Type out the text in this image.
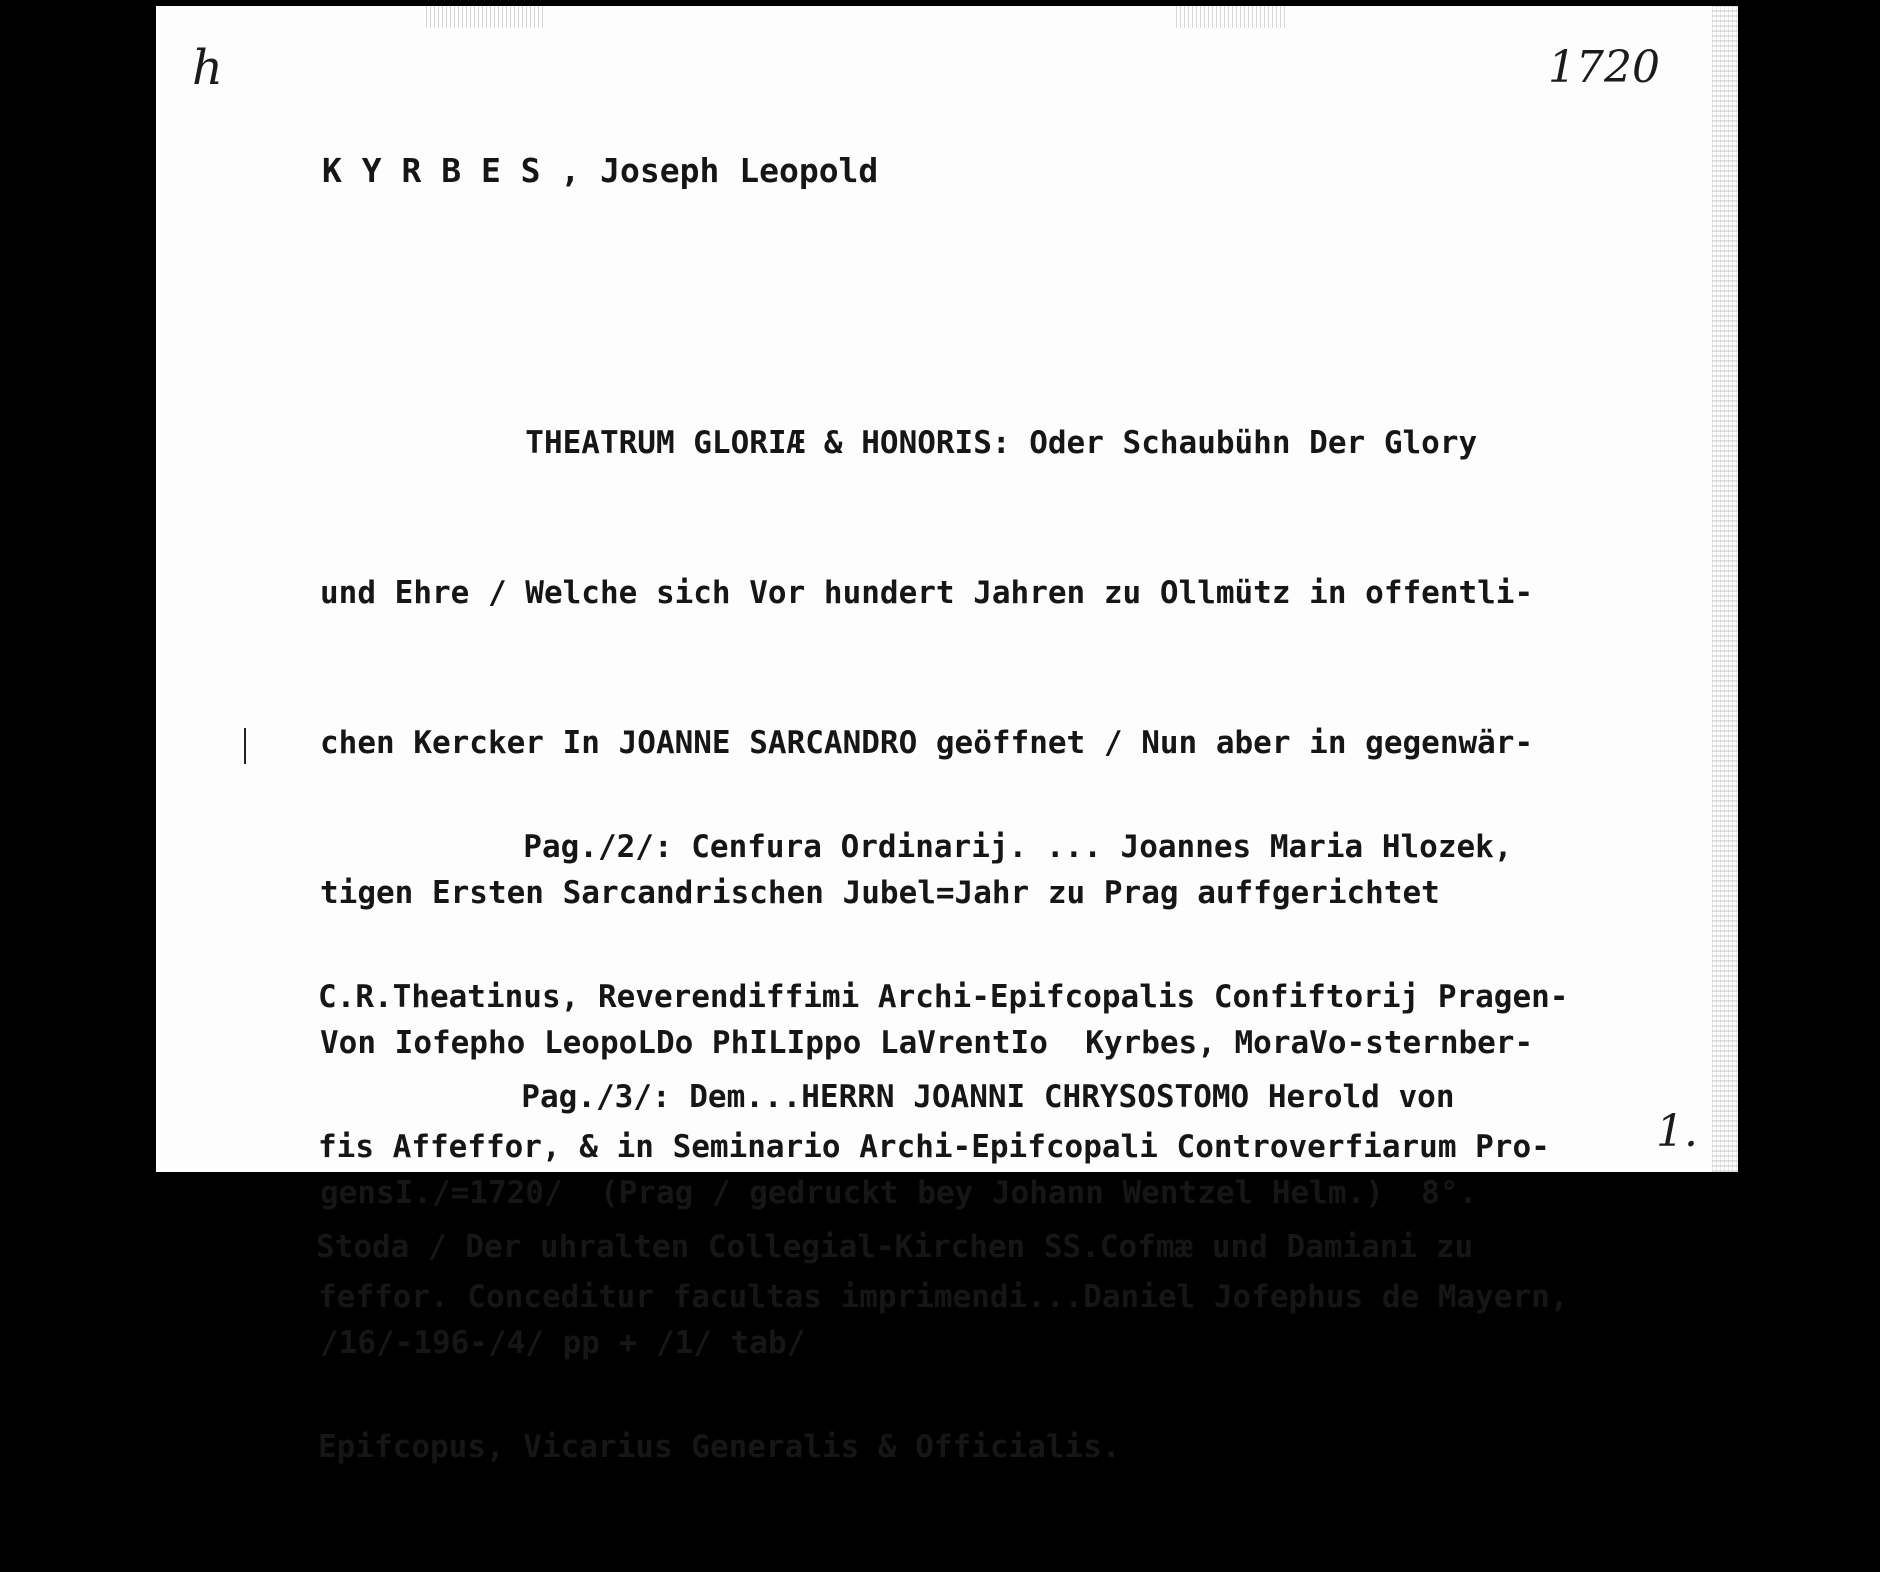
h	1720
1.
K Y R B E S , Joseph Leopold

THEATRUM GLORIÆ & HONORIS: Oder Schaubühn Der Glory

und Ehre / Welche sich Vor hundert Jahren zu Ollmütz in offentli-

chen Kercker In JOANNE SARCANDRO geöffnet / Nun aber in gegenwär-

tigen Ersten Sarcandrischen Jubel=Jahr zu Prag auffgerichtet

Von Iofepho LeopoLDo PhILIppo LaVrentIo  Kyrbes, MoraVo-sternber-

gensI./=1720/  (Prag / gedruckt bey Johann Wentzel Helm.)  8°.

/16/-196-/4/ pp + /1/ tab/

Pag./2/: Cenfura Ordinarij. ... Joannes Maria Hlozek,

C.R.Theatinus, Reverendiffimi Archi-Epifcopalis Confiftorij Pragen-

fis Affeffor, & in Seminario Archi-Epifcopali Controverfiarum Pro-

feffor. Conceditur facultas imprimendi...Daniel Jofephus de Mayern,

Epifcopus, Vicarius Generalis & Officialis.

Pag./3/: Dem...HERRN JOANNI CHRYSOSTOMO Herold von

Stoda / Der uhralten Collegial-Kirchen SS.Cofmæ und Damiani zu
